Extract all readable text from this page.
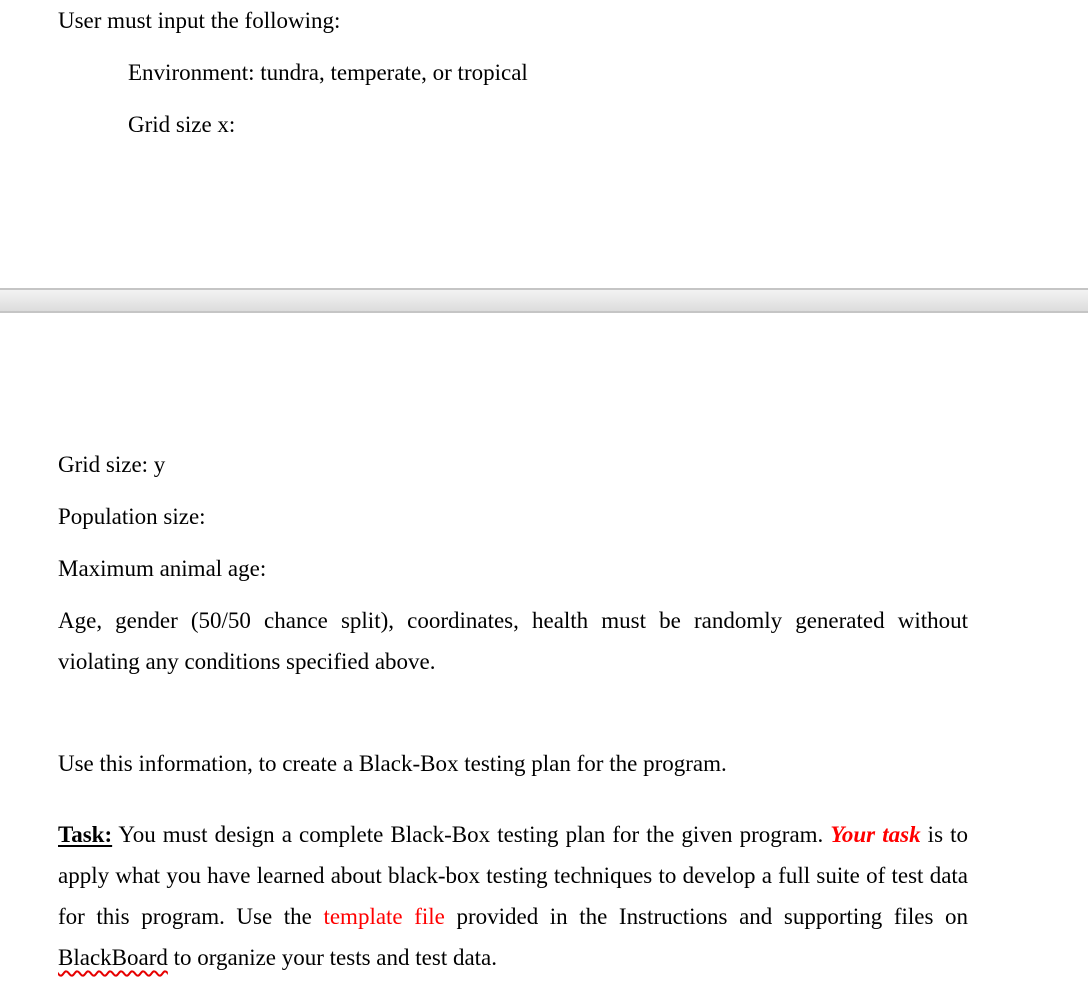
User must input the following:

Environment: tundra, temperate, or tropical

Grid size x:

Grid size: y

Population size:

Maximum animal age:

Age, gender (50/50 chance split), coordinates, health must be randomly generated without violating any conditions specified above.

Use this information, to create a Black-Box testing plan for the program.

Task: You must design a complete Black-Box testing plan for the given program. Your task is to apply what you have learned about black-box testing techniques to develop a full suite of test data for this program. Use the template file provided in the Instructions and supporting files on BlackBoard to organize your tests and test data.
